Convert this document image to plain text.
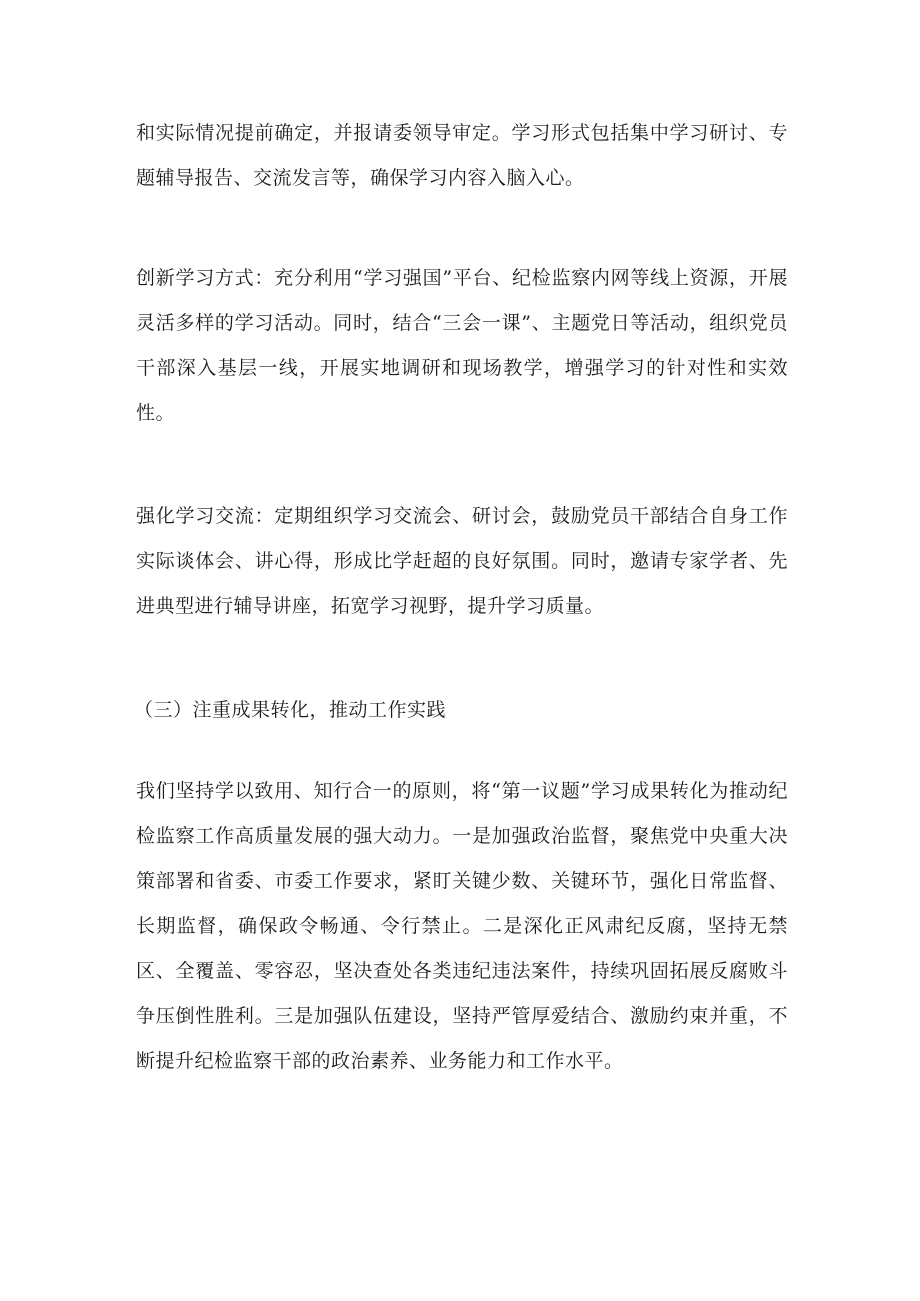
和实际情况提前确定，并报请委领导审定。学习形式包括集中学习研讨、专题辅导报告、交流发言等，确保学习内容入脑入心。

创新学习方式：充分利用“学习强国”平台、纪检监察内网等线上资源，开展灵活多样的学习活动。同时，结合“三会一课”、主题党日等活动，组织党员干部深入基层一线，开展实地调研和现场教学，增强学习的针对性和实效性。

强化学习交流：定期组织学习交流会、研讨会，鼓励党员干部结合自身工作实际谈体会、讲心得，形成比学赶超的良好氛围。同时，邀请专家学者、先进典型进行辅导讲座，拓宽学习视野，提升学习质量。

（三）注重成果转化，推动工作实践

我们坚持学以致用、知行合一的原则，将“第一议题”学习成果转化为推动纪检监察工作高质量发展的强大动力。一是加强政治监督，聚焦党中央重大决策部署和省委、市委工作要求，紧盯关键少数、关键环节，强化日常监督、长期监督，确保政令畅通、令行禁止。二是深化正风肃纪反腐，坚持无禁区、全覆盖、零容忍，坚决查处各类违纪违法案件，持续巩固拓展反腐败斗争压倒性胜利。三是加强队伍建设，坚持严管厚爱结合、激励约束并重，不断提升纪检监察干部的政治素养、业务能力和工作水平。
